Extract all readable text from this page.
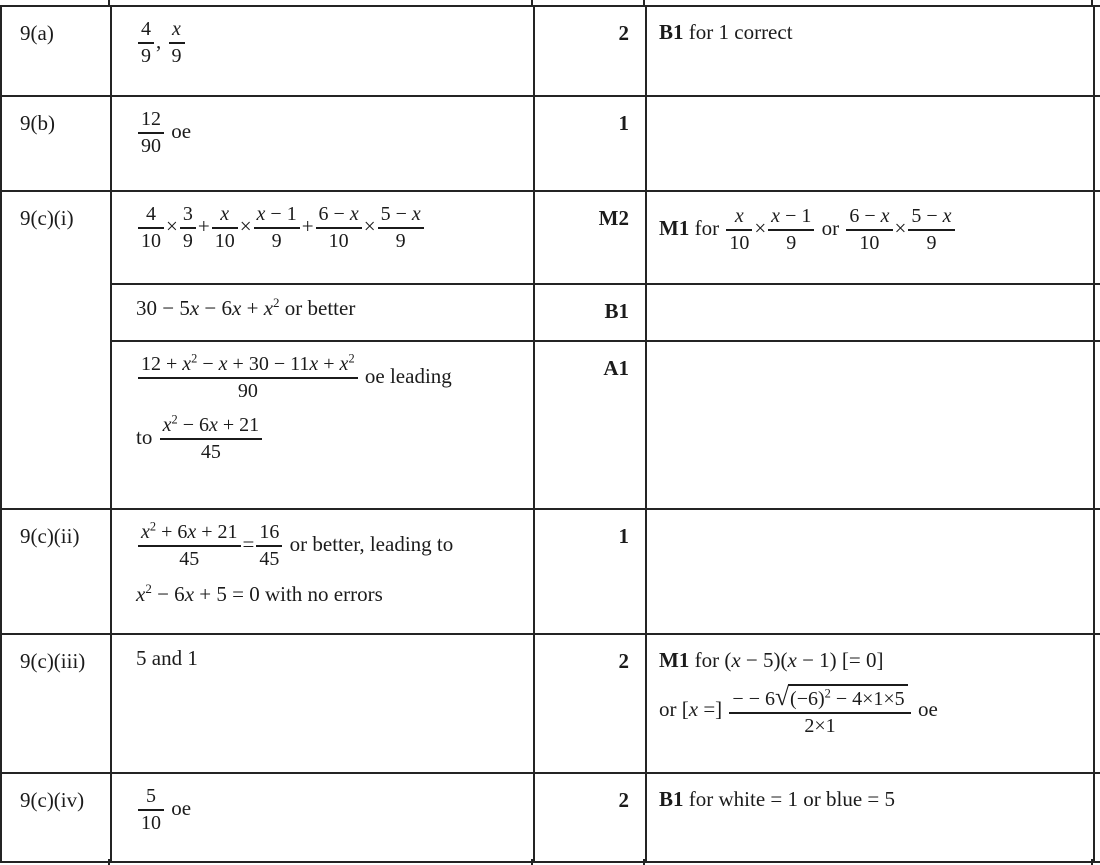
9(a)	$\frac{4}{9}$ , $\frac{x}{9}$	2	B1 for 1 correct	

9(b)	$\frac{12}{90}$ oe	1		
9(c)(i)	$\frac{4}{10} \times \frac{3}{9} + \frac{x}{10} \times \frac{x - 1}{9} + \frac{6 - x}{10} \times \frac{5 - x}{9}$	M2	M1 for $\frac{x}{10} \times \frac{x - 1}{9}$ or $\frac{6 - x}{10} \times \frac{5 - x}{9}$

	$30 - 5x - 6x + x^2$ or better	B1		

$\frac{12 + x^2 - x + 30 - 11x + x^2}{90}$ oe leading
to $\frac{x^2 - 6x + 21}{45}$
	A1		
9(c)(ii)	$\frac{x^2 + 6x + 21}{45} = \frac{16}{45}$ or better, leading to
$x^2 - 6x + 5 = 0$ with no errors
	1		
9(c)(iii)	5 and 1	2	M1 for (x − 5)(x − 1) [= 0]
or [x =] $\frac{- - 6 √ (-6)^2 - 4\times 1\times 5}{2\times 1}$ oe

9(c)(iv)	$\frac{5}{10}$ oe	2	B1 for white = 1 or blue = 5	
